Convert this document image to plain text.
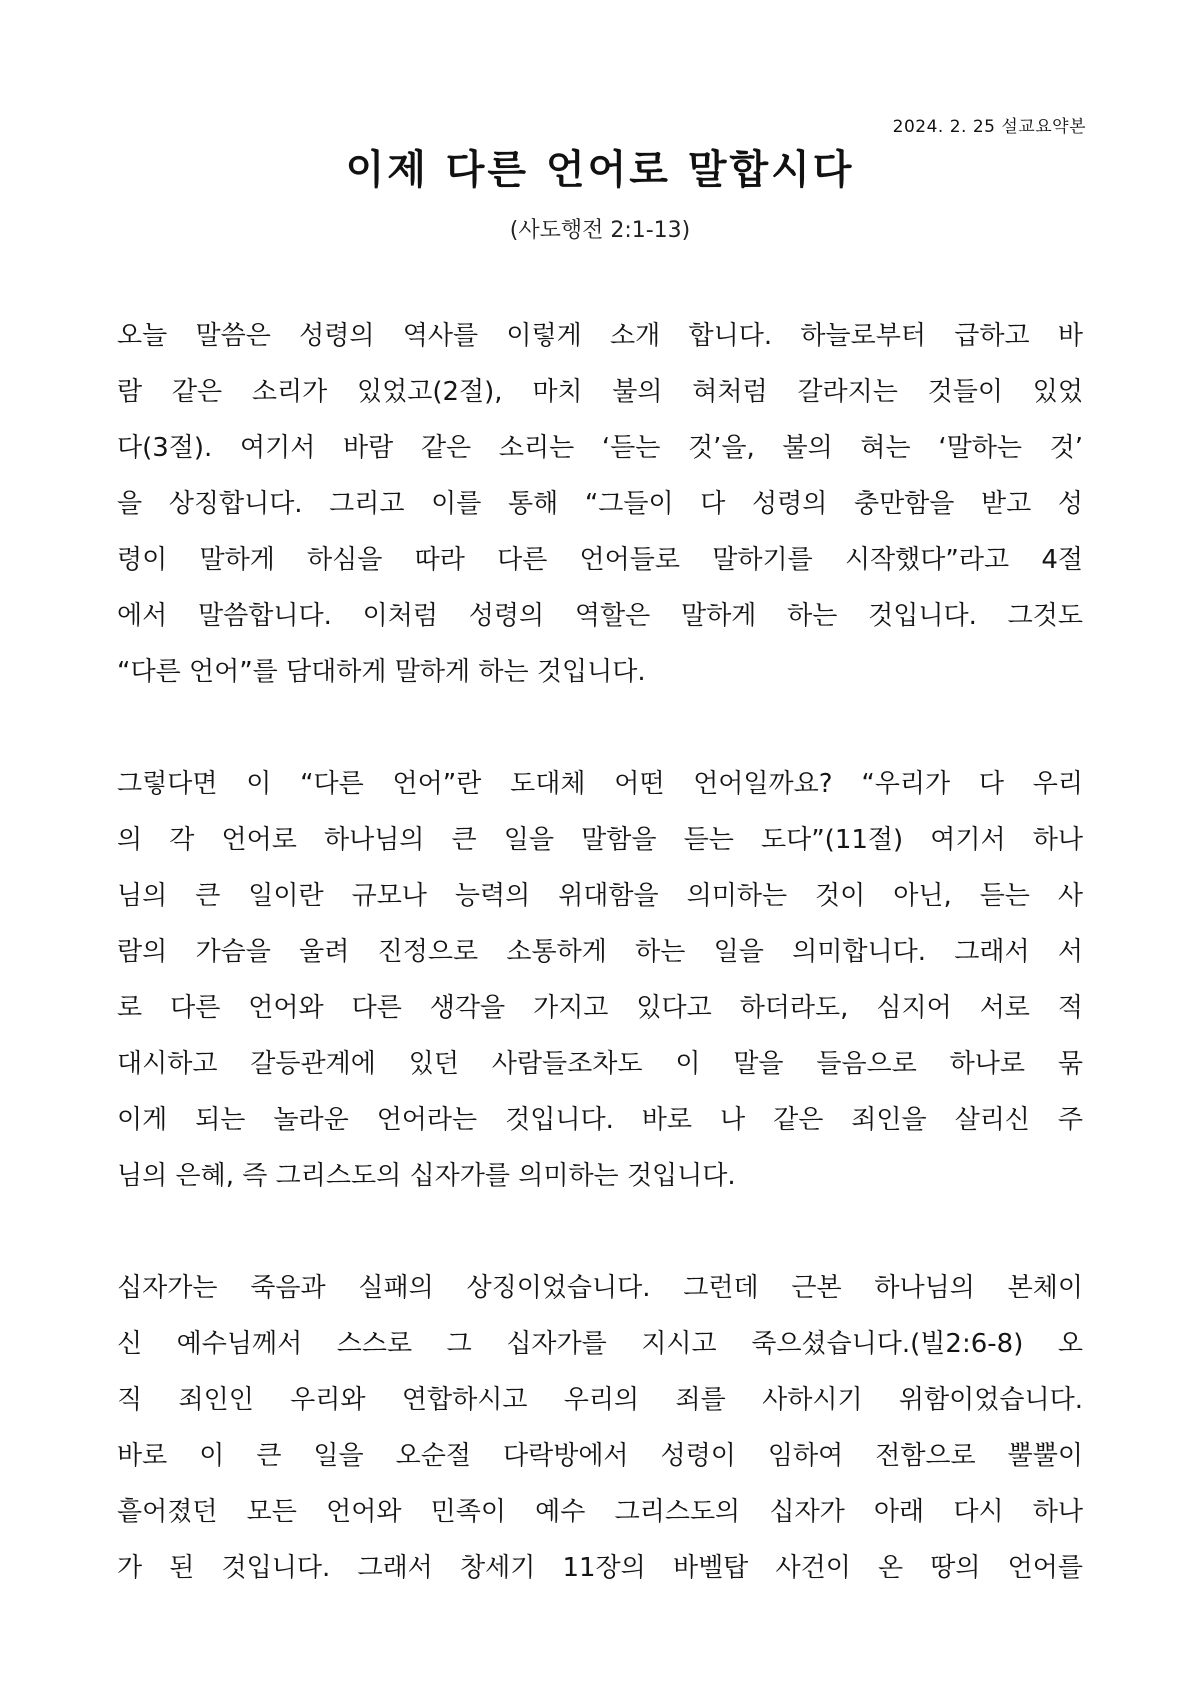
2024. 2. 25 설교요약본
이제 다른 언어로 말합시다
(사도행전 2:1-13)
오늘 말씀은 성령의 역사를 이렇게 소개 합니다. 하늘로부터 급하고 바
람 같은 소리가 있었고(2절), 마치 불의 혀처럼 갈라지는 것들이 있었
다(3절). 여기서 바람 같은 소리는 ‘듣는 것’을, 불의 혀는 ‘말하는 것’
을 상징합니다. 그리고 이를 통해 “그들이 다 성령의 충만함을 받고 성
령이 말하게 하심을 따라 다른 언어들로 말하기를 시작했다”라고 4절
에서 말씀합니다. 이처럼 성령의 역할은 말하게 하는 것입니다. 그것도
“다른 언어”를 담대하게 말하게 하는 것입니다.
그렇다면 이 “다른 언어”란 도대체 어떤 언어일까요? “우리가 다 우리
의 각 언어로 하나님의 큰 일을 말함을 듣는 도다”(11절) 여기서 하나
님의 큰 일이란 규모나 능력의 위대함을 의미하는 것이 아닌, 듣는 사
람의 가슴을 울려 진정으로 소통하게 하는 일을 의미합니다. 그래서 서
로 다른 언어와 다른 생각을 가지고 있다고 하더라도, 심지어 서로 적
대시하고 갈등관계에 있던 사람들조차도 이 말을 들음으로 하나로 묶
이게 되는 놀라운 언어라는 것입니다. 바로 나 같은 죄인을 살리신 주
님의 은혜, 즉 그리스도의 십자가를 의미하는 것입니다.
십자가는 죽음과 실패의 상징이었습니다. 그런데 근본 하나님의 본체이
신 예수님께서 스스로 그 십자가를 지시고 죽으셨습니다.(빌2:6-8) 오
직 죄인인 우리와 연합하시고 우리의 죄를 사하시기 위함이었습니다.
바로 이 큰 일을 오순절 다락방에서 성령이 임하여 전함으로 뿔뿔이
흩어졌던 모든 언어와 민족이 예수 그리스도의 십자가 아래 다시 하나
가 된 것입니다. 그래서 창세기 11장의 바벨탑 사건이 온 땅의 언어를
